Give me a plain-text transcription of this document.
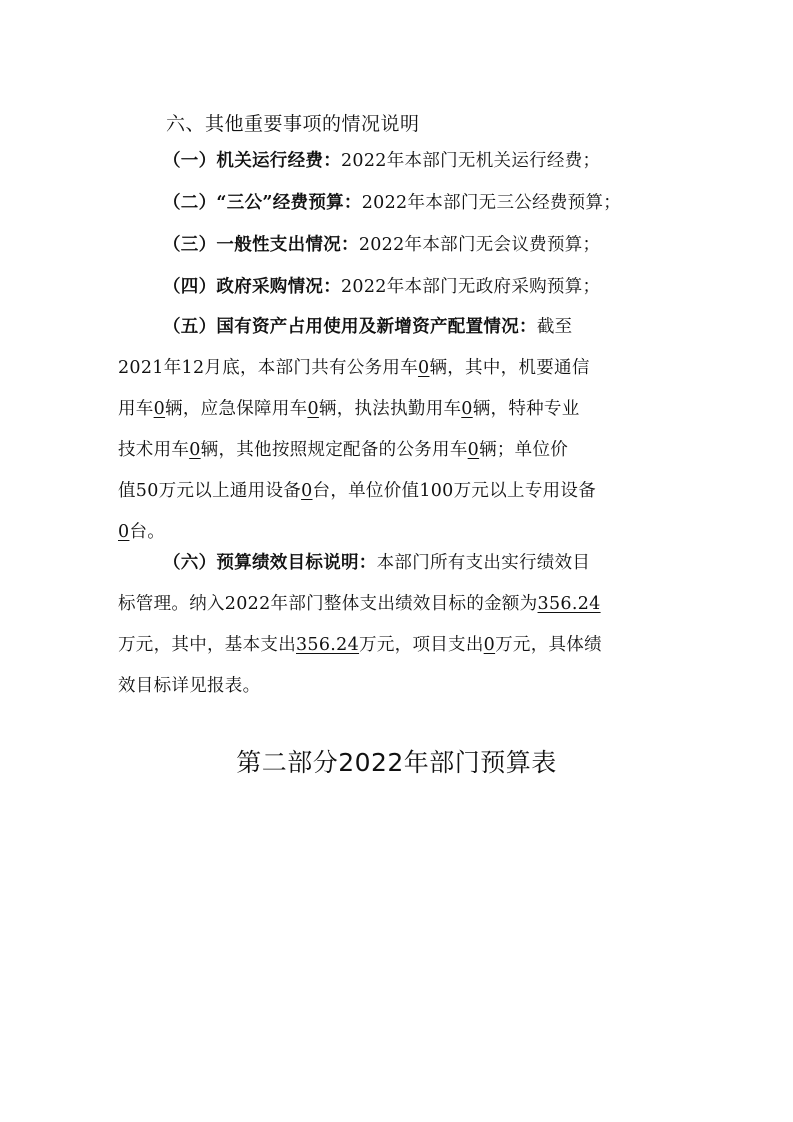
六、其他重要事项的情况说明

（一）机关运行经费：2022年本部门无机关运行经费；

（二）“三公”经费预算：2022年本部门无三公经费预算；

（三）一般性支出情况：2022年本部门无会议费预算；

（四）政府采购情况：2022年本部门无政府采购预算；

（五）国有资产占用使用及新增资产配置情况：截至
2021年12月底，本部门共有公务用车0辆，其中，机要通信
用车0辆，应急保障用车0辆，执法执勤用车0辆，特种专业
技术用车0辆，其他按照规定配备的公务用车0辆；单位价
值50万元以上通用设备0台，单位价值100万元以上专用设备
0台。
（六）预算绩效目标说明：本部门所有支出实行绩效目
标管理。纳入2022年部门整体支出绩效目标的金额为356.24
万元，其中，基本支出356.24万元，项目支出0万元，具体绩
效目标详见报表。
第二部分2022年部门预算表
